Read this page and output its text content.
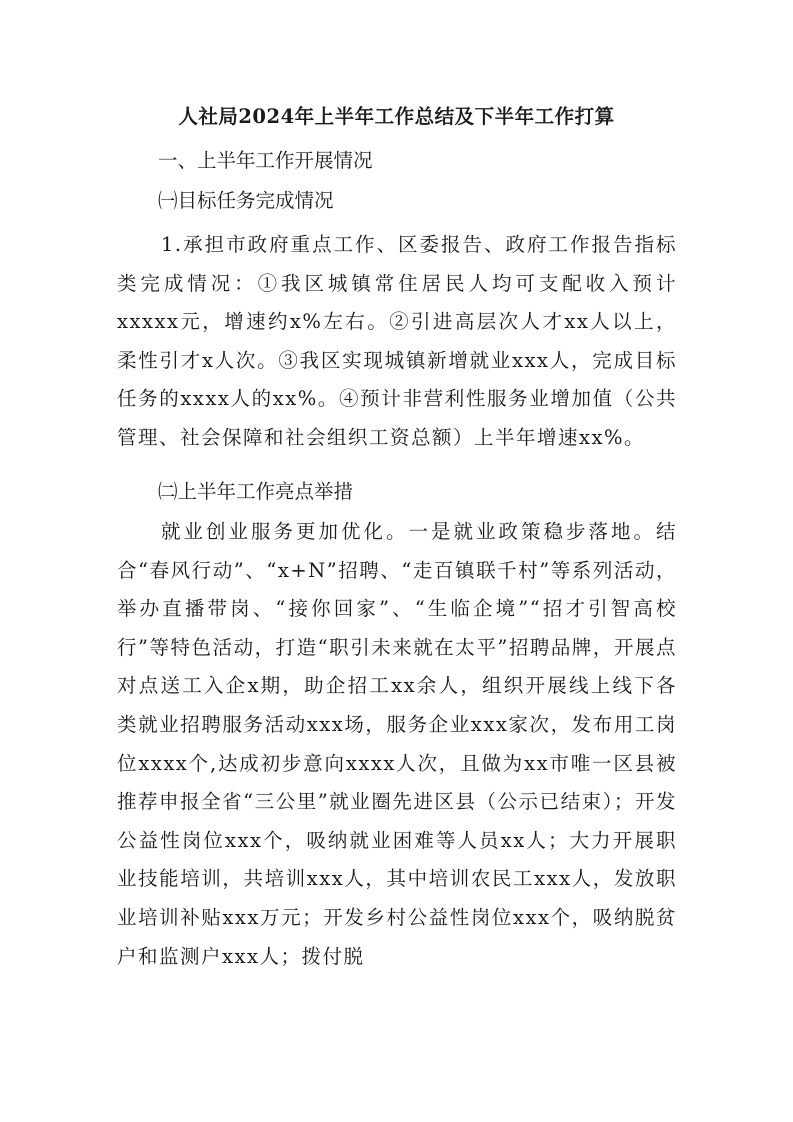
人社局2024年上半年工作总结及下半年工作打算
一、上半年工作开展情况
㈠目标任务完成情况
1.承担市政府重点工作、区委报告、政府工作报告指标类完成情况：①我区城镇常住居民人均可支配收入预计xxxxx元，增速约x%左右。②引进高层次人才xx人以上，柔性引才x人次。③我区实现城镇新增就业xxx人，完成目标任务的xxxx人的xx%。④预计非营利性服务业增加值（公共管理、社会保障和社会组织工资总额）上半年增速xx%。
㈡上半年工作亮点举措
就业创业服务更加优化。一是就业政策稳步落地。结合“春风行动”、“x+N”招聘、“走百镇联千村”等系列活动，举办直播带岗、“接你回家”、“生临企境”“招才引智高校行”等特色活动，打造“职引未来就在太平”招聘品牌，开展点对点送工入企x期，助企招工xx余人，组织开展线上线下各类就业招聘服务活动xxx场，服务企业xxx家次，发布用工岗位xxxx个,达成初步意向xxxx人次，且做为xx市唯一区县被推荐申报全省“三公里”就业圈先进区县（公示已结束）；开发公益性岗位xxx个，吸纳就业困难等人员xx人；大力开展职业技能培训，共培训xxx人，其中培训农民工xxx人，发放职业培训补贴xxx万元；开发乡村公益性岗位xxx个，吸纳脱贫户和监测户xxx人；拨付脱
